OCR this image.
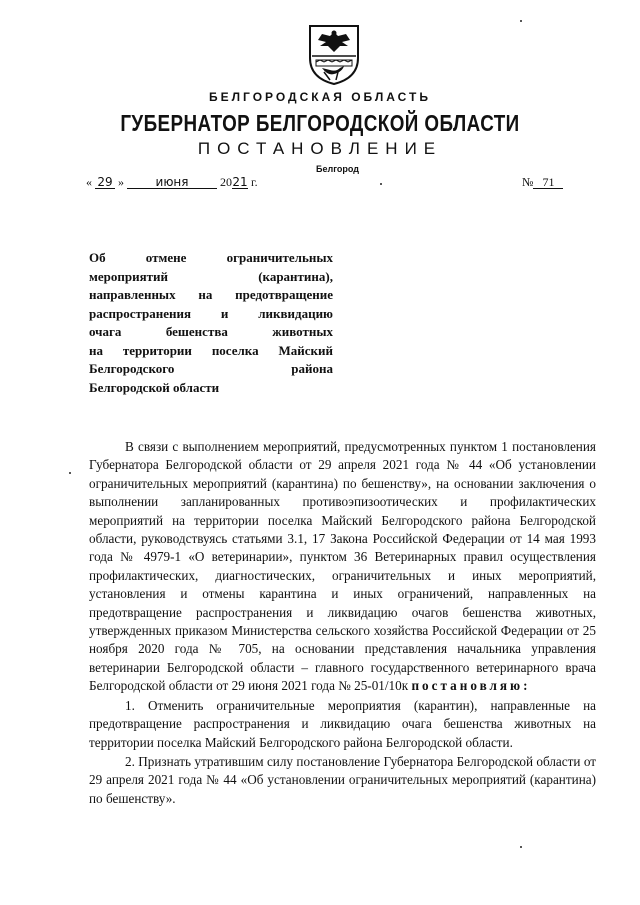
БЕЛГОРОДСКАЯ ОБЛАСТЬ
ГУБЕРНАТОР БЕЛГОРОДСКОЙ ОБЛАСТИ
ПОСТАНОВЛЕНИЕ
Белгород
« 29 »	июня	2021 г.	№ 71
Об отмене ограничительных
мероприятий (карантина),
направленных на предотвращение
распространения и ликвидацию
очага бешенства животных
на территории поселка Майский
Белгородского района
Белгородской области

В связи с выполнением мероприятий, предусмотренных пунктом 1 постановления Губернатора Белгородской области от 29 апреля 2021 года № 44 «Об установлении ограничительных мероприятий (карантина) по бешенству», на основании заключения о выполнении запланированных противоэпизоотических и профилактических мероприятий на территории поселка Майский Белгородского района Белгородской области, руководствуясь статьями 3.1, 17 Закона Российской Федерации от 14 мая 1993 года № 4979-1 «О ветеринарии», пунктом 36 Ветеринарных правил осуществления профилактических, диагностических, ограничительных и иных мероприятий, установления и отмены карантина и иных ограничений, направленных на предотвращение распространения и ликвидацию очагов бешенства животных, утвержденных приказом Министерства сельского хозяйства Российской Федерации от 25 ноября 2020 года № 705, на основании представления начальника управления ветеринарии Белгородской области – главного государственного ветеринарного врача Белгородской области от 29 июня 2021 года № 25-01/10к постановляю:

1. Отменить ограничительные мероприятия (карантин), направленные на предотвращение распространения и ликвидацию очага бешенства животных на территории поселка Майский Белгородского района Белгородской области.

2. Признать утратившим силу постановление Губернатора Белгородской области от 29 апреля 2021 года № 44 «Об установлении ограничительных мероприятий (карантина) по бешенству».
